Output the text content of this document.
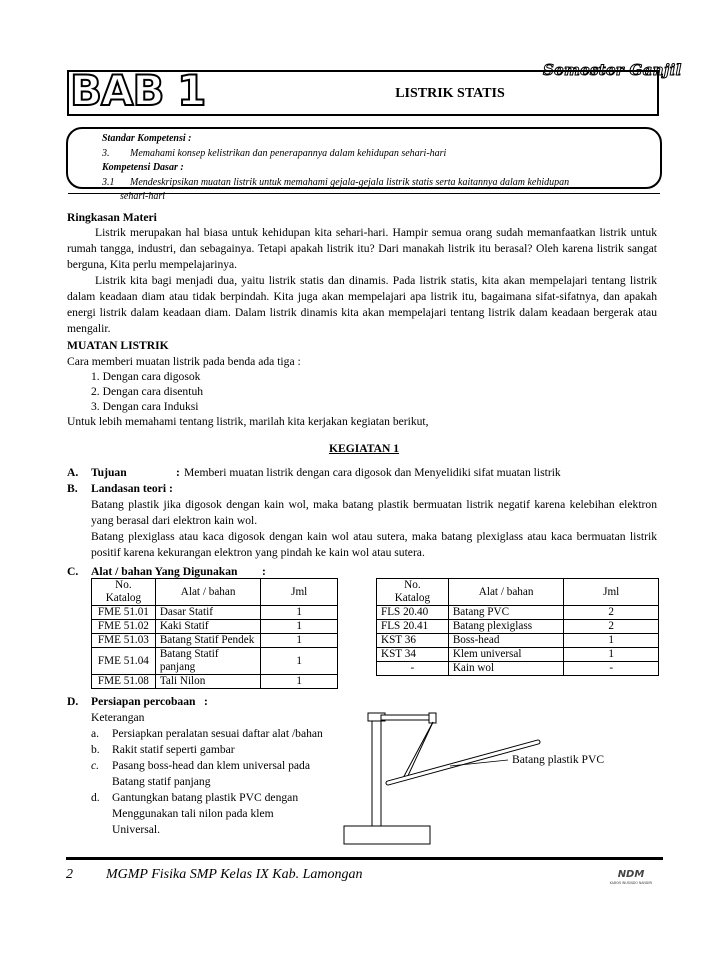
Semester Ganjil
BAB 1	LISTRIK STATIS
Standar Kompetensi :
3. Memahami konsep kelistrikan dan penerapannya dalam kehidupan sehari-hari
Kompetensi Dasar :
3.1 Mendeskripsikan muatan listrik untuk memahami gejala-gejala listrik statis serta kaitannya dalam kehidupan
sehari-hari
Ringkasan Materi
Listrik merupakan hal biasa untuk kehidupan kita sehari-hari. Hampir semua orang sudah memanfaatkan listrik untuk rumah tangga, industri, dan sebagainya. Tetapi apakah listrik itu? Dari manakah listrik itu berasal? Oleh karena listrik sangat berguna, Kita perlu mempelajarinya.
Listrik kita bagi menjadi dua, yaitu listrik statis dan dinamis. Pada listrik statis, kita akan mempelajari tentang listrik dalam keadaan diam atau tidak berpindah. Kita juga akan mempelajari apa listrik itu, bagaimana sifat-sifatnya, dan apakah energi listrik dalam keadaan diam. Dalam listrik dinamis kita akan mempelajari tentang listrik dalam keadaan bergerak atau mengalir.
MUATAN LISTRIK
Cara memberi muatan listrik pada benda ada tiga :
1. Dengan cara digosok
2. Dengan cara disentuh
3. Dengan cara Induksi
Untuk lebih memahami tentang listrik, marilah kita kerjakan kegiatan berikut,
KEGIATAN 1
A. Tujuan	: Memberi muatan listrik dengan cara digosok dan Menyelidiki sifat muatan listrik
B. Landasan teori :
Batang plastik jika digosok dengan kain wol, maka batang plastik bermuatan listrik negatif karena kelebihan elektron yang berasal dari elektron kain wol.
Batang plexiglass atau kaca digosok dengan kain wol atau sutera, maka batang plexiglass atau kaca bermuatan listrik positif karena kekurangan elektron yang pindah ke kain wol atau sutera.
C. Alat / bahan Yang Digunakan :
No.
Katalog	Alat / bahan	Jml
FME 51.01	Dasar Statif	1
FME 51.02	Kaki Statif	1
FME 51.03	Batang Statif Pendek	1
FME 51.04	Batang Statif panjang	1
FME 51.08	Tali Nilon	1
No.
Katalog	Alat / bahan	Jml
FLS 20.40	Batang PVC	2
FLS 20.41	Batang plexiglass	2
KST 36	Boss-head	1
KST 34	Klem universal	1
-	Kain wol	-
D. Persiapan percobaan :
Keterangan
a. Persiapkan peralatan sesuai daftar alat /bahan
b. Rakit statif seperti gambar
c. Pasang boss-head dan klem universal pada
Batang statif panjang
d. Gantungkan batang plastik PVC dengan
Menggunakan tali nilon pada klem
Universal.
Batang plastik PVC
2 MGMP Fisika SMP Kelas IX Kab. Lamongan	NDM
KABON INUSINDO NANDIRI
